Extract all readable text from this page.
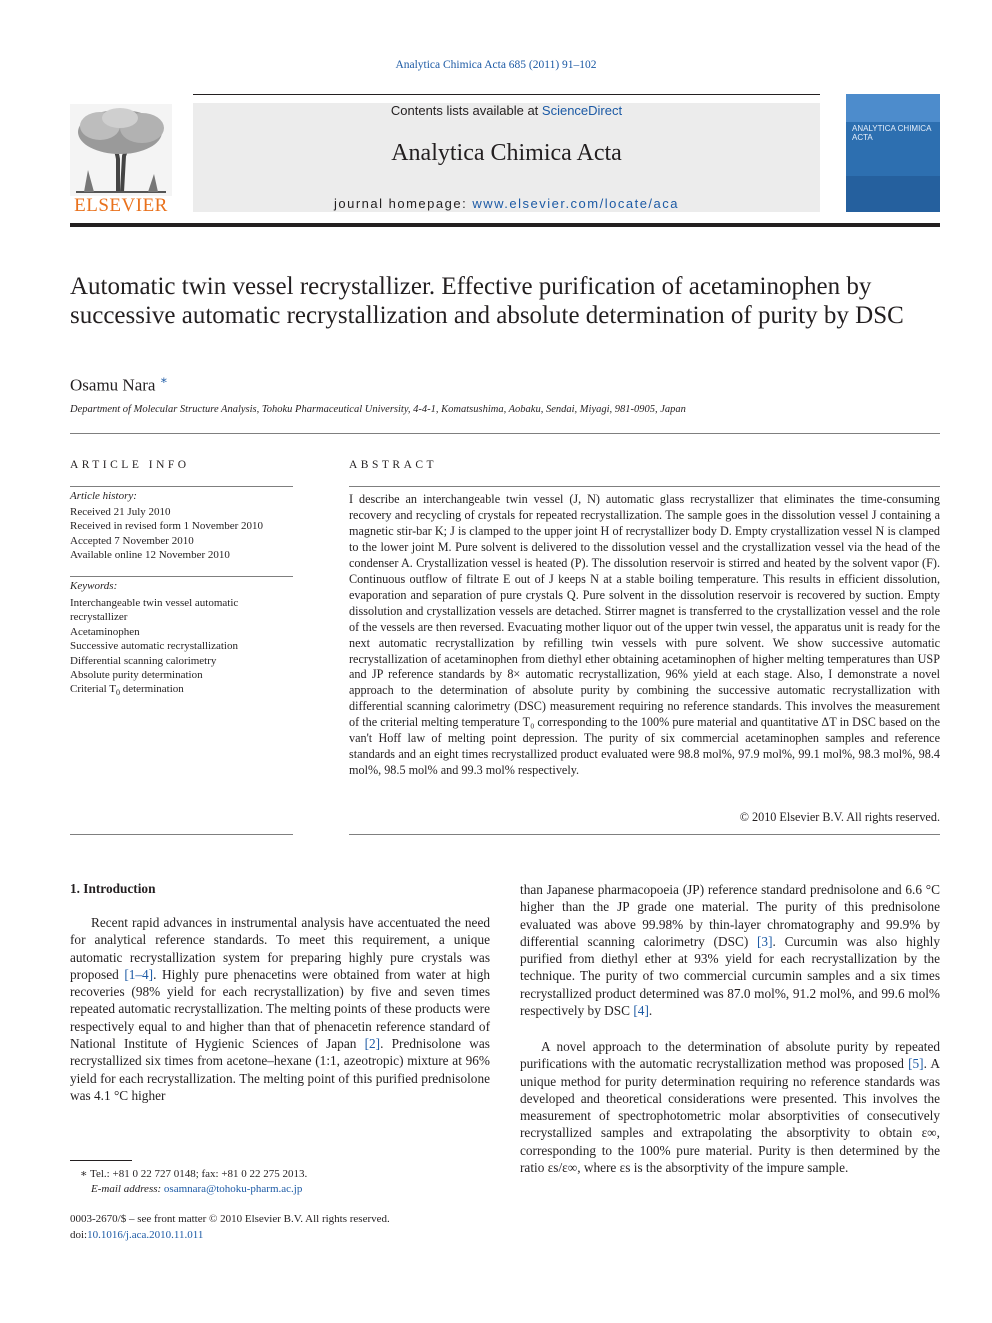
Analytica Chimica Acta 685 (2011) 91–102
ELSEVIER
Contents lists available at ScienceDirect
Analytica Chimica Acta
journal homepage: www.elsevier.com/locate/aca
ANALYTICA CHIMICA ACTA
Automatic twin vessel recrystallizer. Effective purification of acetaminophen by successive automatic recrystallization and absolute determination of purity by DSC
Osamu Nara ∗
Department of Molecular Structure Analysis, Tohoku Pharmaceutical University, 4-4-1, Komatsushima, Aobaku, Sendai, Miyagi, 981-0905, Japan
ARTICLE INFO
Article history:
Received 21 July 2010
Received in revised form 1 November 2010
Accepted 7 November 2010
Available online 12 November 2010
Keywords:
Interchangeable twin vessel automatic
recrystallizer
Acetaminophen
Successive automatic recrystallization
Differential scanning calorimetry
Absolute purity determination
Criterial $T_0$ determination
ABSTRACT
I describe an interchangeable twin vessel (J, N) automatic glass recrystallizer that eliminates the time-consuming recovery and recycling of crystals for repeated recrystallization. The sample goes in the dissolution vessel J containing a magnetic stir-bar K; J is clamped to the upper joint H of recrystallizer body D. Empty crystallization vessel N is clamped to the lower joint M. Pure solvent is delivered to the dissolution vessel and the crystallization vessel via the head of the condenser A. Crystallization vessel is heated (P). The dissolution reservoir is stirred and heated by the solvent vapor (F). Continuous outflow of filtrate E out of J keeps N at a stable boiling temperature. This results in efficient dissolution, evaporation and separation of pure crystals Q. Pure solvent in the dissolution reservoir is recovered by suction. Empty dissolution and crystallization vessels are detached. Stirrer magnet is transferred to the crystallization vessel and the role of the vessels are then reversed. Evacuating mother liquor out of the upper twin vessel, the apparatus unit is ready for the next automatic recrystallization by refilling twin vessels with pure solvent. We show successive automatic recrystallization of acetaminophen from diethyl ether obtaining acetaminophen of higher melting temperatures than USP and JP reference standards by 8× automatic recrystallization, 96% yield at each stage. Also, I demonstrate a novel approach to the determination of absolute purity by combining the successive automatic recrystallization with differential scanning calorimetry (DSC) measurement requiring no reference standards. This involves the measurement of the criterial melting temperature T₀ corresponding to the 100% pure material and quantitative ΔT in DSC based on the van't Hoff law of melting point depression. The purity of six commercial acetaminophen samples and reference standards and an eight times recrystallized product evaluated were 98.8 mol%, 97.9 mol%, 99.1 mol%, 98.3 mol%, 98.4 mol%, 98.5 mol% and 99.3 mol% respectively.
© 2010 Elsevier B.V. All rights reserved.
1. Introduction
Recent rapid advances in instrumental analysis have accentuated the need for analytical reference standards. To meet this requirement, a unique automatic recrystallization system for preparing highly pure crystals was proposed [1–4]. Highly pure phenacetins were obtained from water at high recoveries (98% yield for each recrystallization) by five and seven times repeated automatic recrystallization. The melting points of these products were respectively equal to and higher than that of phenacetin reference standard of National Institute of Hygienic Sciences of Japan [2]. Prednisolone was recrystallized six times from acetone–hexane (1:1, azeotropic) mixture at 96% yield for each recrystallization. The melting point of this purified prednisolone was 4.1 °C higher
than Japanese pharmacopoeia (JP) reference standard prednisolone and 6.6 °C higher than the JP grade one material. The purity of this prednisolone evaluated was above 99.98% by thin-layer chromatography and 99.9% by differential scanning calorimetry (DSC) [3]. Curcumin was also highly purified from diethyl ether at 93% yield for each recrystallization by the technique. The purity of two commercial curcumin samples and a six times recrystallized product determined was 87.0 mol%, 91.2 mol%, and 99.6 mol% respectively by DSC [4].
A novel approach to the determination of absolute purity by repeated purifications with the automatic recrystallization method was proposed [5]. A unique method for purity determination requiring no reference standards was developed and theoretical considerations were presented. This involves the measurement of spectrophotometric molar absorptivities of consecutively recrystallized samples and extrapolating the absorptivity to obtain ε∞, corresponding to the 100% pure material. Purity is then determined by the ratio εs/ε∞, where εs is the absorptivity of the impure sample.
∗ Tel.: +81 0 22 727 0148; fax: +81 0 22 275 2013.
E-mail address: osamnara@tohoku-pharm.ac.jp
0003-2670/$ – see front matter © 2010 Elsevier B.V. All rights reserved.
doi:10.1016/j.aca.2010.11.011
